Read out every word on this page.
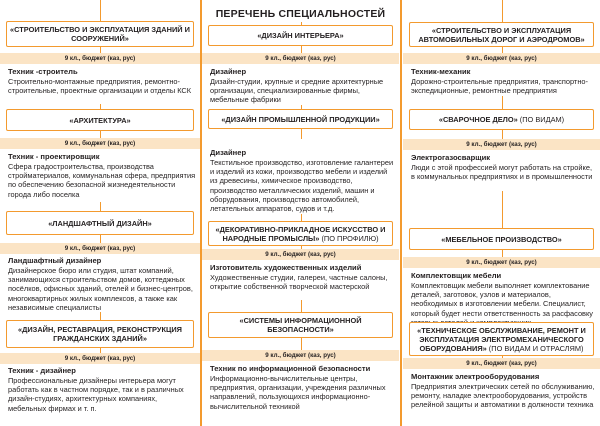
«СТРОИТЕЛЬСТВО И ЭКСПЛУАТАЦИЯ ЗДАНИЙ И СООРУЖЕНИЙ»
9 кл., бюджет (каз, рус)
Техник -строитель
Строительно-монтажные предприятия, ремонтно-строительные, проектные организации и отделы КСК
«АРХИТЕКТУРА»
9 кл., бюджет (каз, рус)
Техник - проектировщик
Сфера градостроительства, производства стройматериалов, коммунальная сфера, предприятия по обеспечению безопасной жизнедеятельности города либо поселка
«ЛАНДШАФТНЫЙ ДИЗАЙН»
9 кл., бюджет (каз, рус)
Ландшафтный дизайнер
Дизайнерское бюро или студия, штат компаний, занимающихся строительством домов, коттеджных посёлков, офисных зданий, отелей и бизнес-центров, многоквартирных жилых комплексов, а также как независимые специалисты
«ДИЗАЙН, РЕСТАВРАЦИЯ, РЕКОНСТРУКЦИЯ ГРАЖДАНСКИХ ЗДАНИЙ»
9 кл., бюджет (каз, рус)
Техник - дизайнер
Профессиональные дизайнеры интерьера могут работать как в частном порядке, так и в различных дизайн-студиях, архитектурных компаниях, мебельных фирмах и т. п.
ПЕРЕЧЕНЬ СПЕЦИАЛЬНОСТЕЙ
«ДИЗАЙН ИНТЕРЬЕРА»
9 кл., бюджет (каз, рус)
Дизайнер
Дизайн-студии, крупные и средние архитектурные организации, специализированные фирмы, мебельные фабрики
«ДИЗАЙН ПРОМЫШЛЕННОЙ ПРОДУКЦИИ»
Дизайнер
Текстильное производство, изготовление галантереи и изделий из кожи, производство мебели и изделий из древесины, химическое производство, производство металлических изделий, машин и оборудования, производство автомобилей, летательных аппаратов, судов и т.д.
«ДЕКОРАТИВНО-ПРИКЛАДНОЕ ИСКУССТВО И НАРОДНЫЕ ПРОМЫСЛЫ» (ПО ПРОФИЛЮ)
9 кл., бюджет (каз, рус)
Изготовитель художественных изделий
Художественные студии, галереи, частные салоны, открытие собственной творческой мастерской
«СИСТЕМЫ ИНФОРМАЦИОННОЙ БЕЗОПАСНОСТИ»
9 кл., бюджет (каз, рус)
Техник по информационной безопасности
Информационно-вычислительные центры, предприятия, организации, учреждения различных направлений, пользующихся информационно-вычислительной техникой
«СТРОИТЕЛЬСТВО И ЭКСПЛУАТАЦИЯ АВТОМОБИЛЬНЫХ ДОРОГ И АЭРОДРОМОВ»
9 кл., бюджет (каз, рус)
Техник-механик
Дорожно-строительные предприятия, транспортно-экспедиционные, ремонтные предприятия
«СВАРОЧНОЕ ДЕЛО» (ПО ВИДАМ)
9 кл., бюджет (каз, рус)
Электрогазосварщик
Люди с этой профессией могут работать на стройке, в коммунальных предприятиях и в промышленности
«МЕБЕЛЬНОЕ ПРОИЗВОДСТВО»
9 кл., бюджет (каз, рус)
Комплектовщик мебели
Комплектовщик мебели выполняет комплектование деталей, заготовок, узлов и материалов, необходимых в изготовлении мебели. Специалист, который будет нести ответственность за расфасовку
«ТЕХНИЧЕСКОЕ ОБСЛУЖИВАНИЕ, РЕМОНТ И ЭКСПЛУАТАЦИЯ ЭЛЕКТРОМЕХАНИЧЕСКОГО ОБОРУДОВАНИЯ» (ПО ВИДАМ И ОТРАСЛЯМ)
9 кл., бюджет (каз, рус)
Монтажник электрооборудования
Предприятия электрических сетей по обслуживанию, ремонту, наладке электрооборудования, устройств релейной защиты и автоматики в должности техника
